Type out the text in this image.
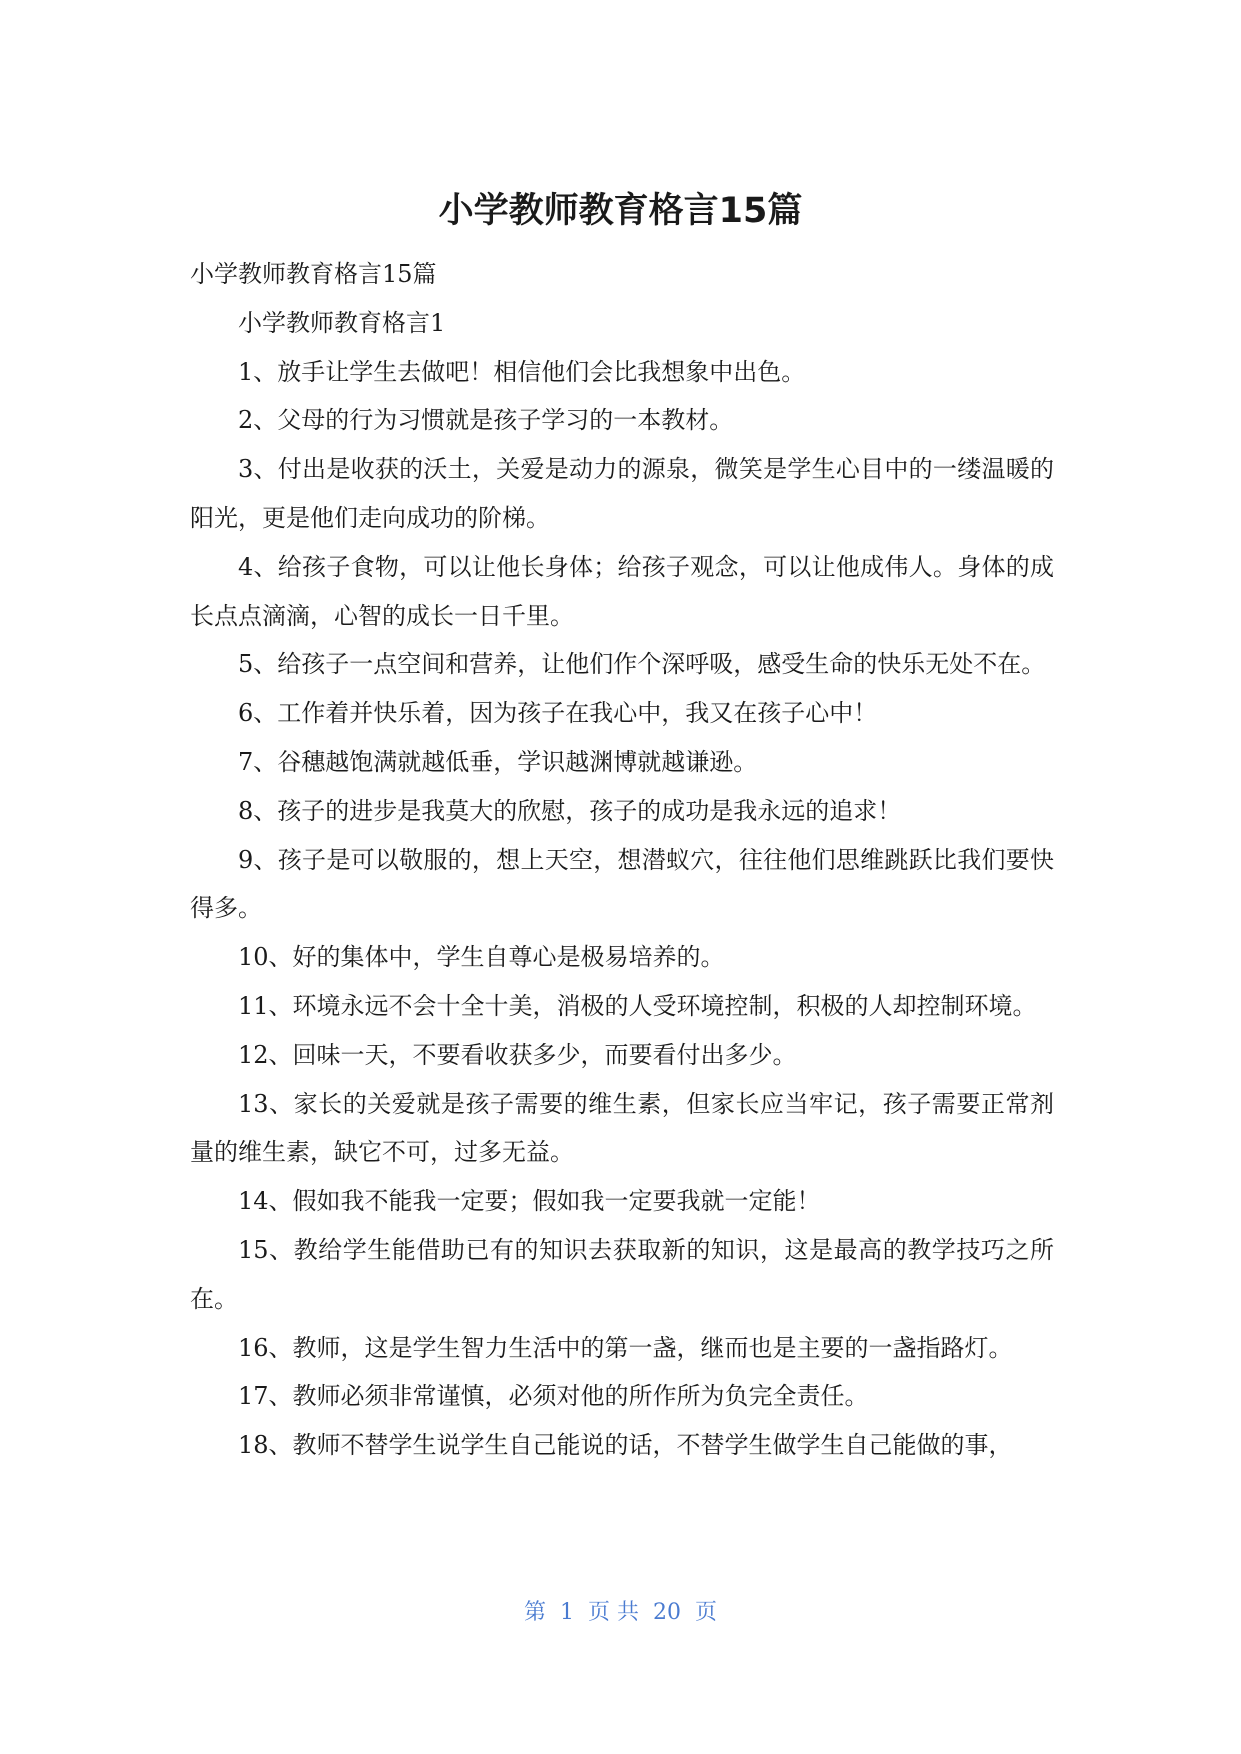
小学教师教育格言15篇

小学教师教育格言15篇

小学教师教育格言1

1、放手让学生去做吧！相信他们会比我想象中出色。

2、父母的行为习惯就是孩子学习的一本教材。

3、付出是收获的沃土，关爱是动力的源泉，微笑是学生心目中的一缕温暖的阳光，更是他们走向成功的阶梯。

4、给孩子食物，可以让他长身体；给孩子观念，可以让他成伟人。身体的成长点点滴滴，心智的成长一日千里。

5、给孩子一点空间和营养，让他们作个深呼吸，感受生命的快乐无处不在。

6、工作着并快乐着，因为孩子在我心中，我又在孩子心中！

7、谷穗越饱满就越低垂，学识越渊博就越谦逊。

8、孩子的进步是我莫大的欣慰，孩子的成功是我永远的追求！

9、孩子是可以敬服的，想上天空，想潜蚁穴，往往他们思维跳跃比我们要快得多。

10、好的集体中，学生自尊心是极易培养的。

11、环境永远不会十全十美，消极的人受环境控制，积极的人却控制环境。

12、回味一天，不要看收获多少，而要看付出多少。

13、家长的关爱就是孩子需要的维生素，但家长应当牢记，孩子需要正常剂量的维生素，缺它不可，过多无益。

14、假如我不能我一定要；假如我一定要我就一定能！

15、教给学生能借助已有的知识去获取新的知识，这是最高的教学技巧之所在。

16、教师，这是学生智力生活中的第一盏，继而也是主要的一盏指路灯。

17、教师必须非常谨慎，必须对他的所作所为负完全责任。

18、教师不替学生说学生自己能说的话，不替学生做学生自己能做的事，

第  1  页 共  20  页
